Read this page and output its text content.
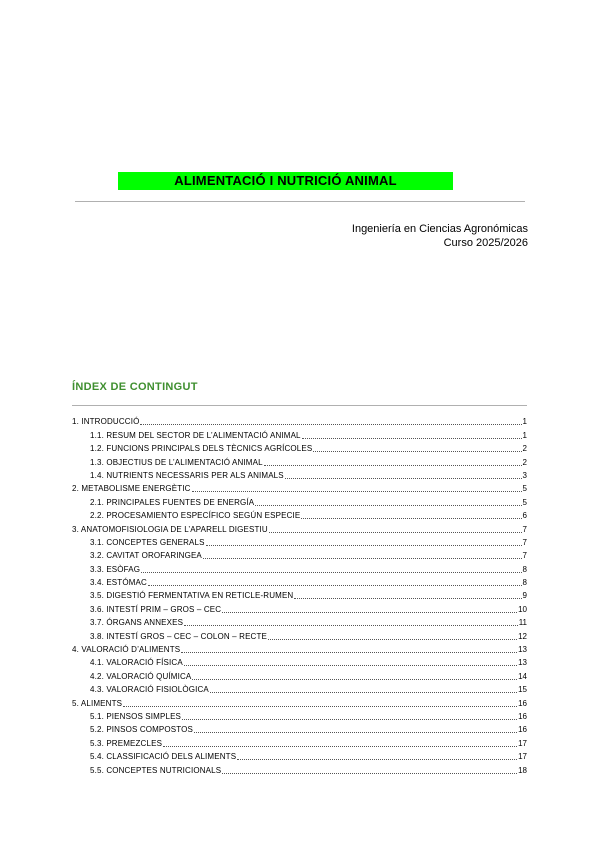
ALIMENTACIÓ I NUTRICIÓ ANIMAL
Ingeniería en Ciencias Agronómicas
Curso 2025/2026
ÍNDEX DE CONTINGUT
1. INTRODUCCIÓ	1
1.1. RESUM DEL SECTOR DE L’ALIMENTACIÓ ANIMAL	1
1.2. FUNCIONS PRINCIPALS DELS TÈCNICS AGRÍCOLES	2
1.3. OBJECTIUS DE L’ALIMENTACIÓ ANIMAL	2
1.4. NUTRIENTS NECESSARIS PER ALS ANIMALS	3
2. METABOLISME ENERGÈTIC	5
2.1. PRINCIPALES FUENTES DE ENERGÍA	5
2.2. PROCESAMIENTO ESPECÍFICO SEGÚN ESPECIE	6
3. ANATOMOFISIOLOGIA DE L’APARELL DIGESTIU	7
3.1. CONCEPTES GENERALS	7
3.2. CAVITAT OROFARINGEA	7
3.3. ESÒFAG	8
3.4. ESTÓMAC	8
3.5. DIGESTIÓ FERMENTATIVA EN RETICLE-RUMEN	9
3.6. INTESTÍ PRIM – GROS – CEC	10
3.7. ÓRGANS ANNEXES	11
3.8. INTESTÍ GROS – CEC – COLON – RECTE	12
4. VALORACIÓ D’ALIMENTS	13
4.1. VALORACIÓ FÍSICA	13
4.2. VALORACIÓ QUÍMICA	14
4.3. VALORACIÓ FISIOLÒGICA	15
5. ALIMENTS	16
5.1. PIENSOS SIMPLES	16
5.2. PINSOS COMPOSTOS	16
5.3. PREMEZCLES	17
5.4. CLASSIFICACIÓ DELS ALIMENTS	17
5.5. CONCEPTES NUTRICIONALS	18
